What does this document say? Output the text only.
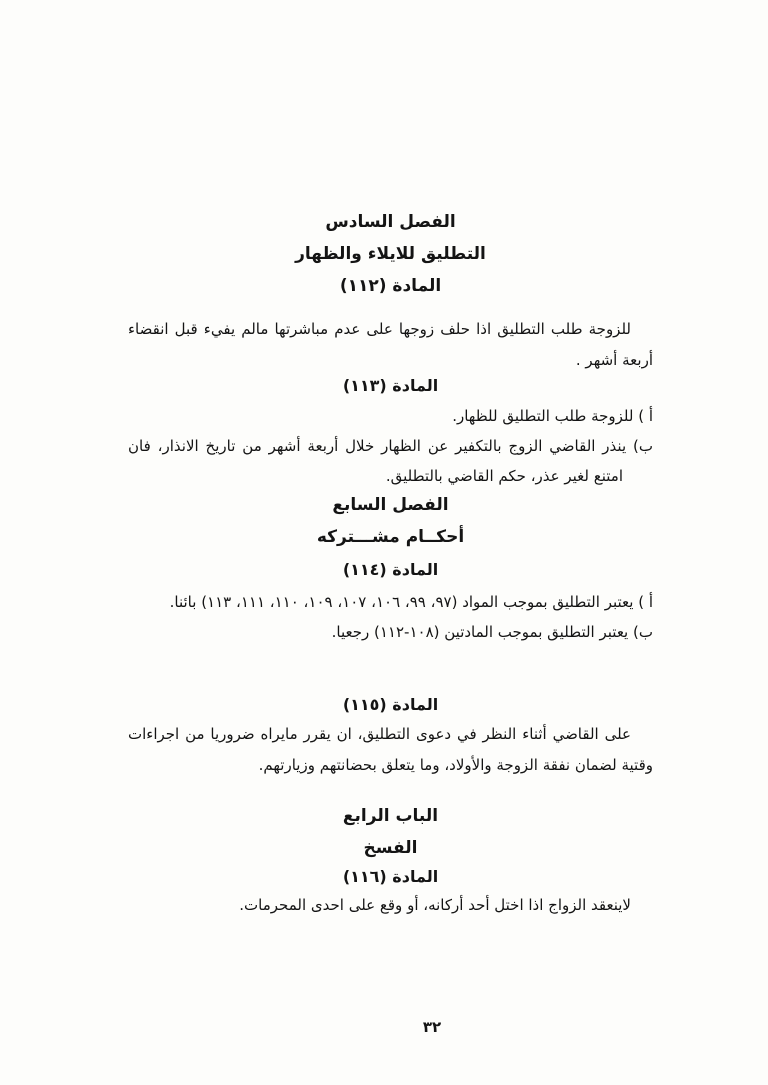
الفصل السادس
التطليق للايلاء والظهار
المادة (١١٢)
للزوجة طلب التطليق اذا حلف زوجها على عدم مباشرتها مالم يفيء قبل انقضاء أربعة أشهر .
المادة (١١٣)

أ ) للزوجة طلب التطليق للظهار.

ب) ينذر القاضي الزوج بالتكفير عن الظهار خلال أربعة أشهر من تاريخ الانذار، فان امتنع لغير عذر، حكم القاضي بالتطليق.

الفصل السابع
أحكــام مشـــتركه
المادة (١١٤)

أ ) يعتبر التطليق بموجب المواد (٩٧، ٩٩، ١٠٦، ١٠٧، ١٠٩، ١١٠، ١١١، ١١٣) بائنا.

ب) يعتبر التطليق بموجب المادتين (١٠٨-١١٢) رجعيا.

المادة (١١٥)
على القاضي أثناء النظر في دعوى التطليق، ان يقرر مايراه ضروريا من اجراءات وقتية لضمان نفقة الزوجة والأولاد، وما يتعلق بحضانتهم وزيارتهم.
الباب الرابع
الفسخ
المادة (١١٦)
لاينعقد الزواج اذا اختل أحد أركانه، أو وقع على احدى المحرمات.
٣٢
